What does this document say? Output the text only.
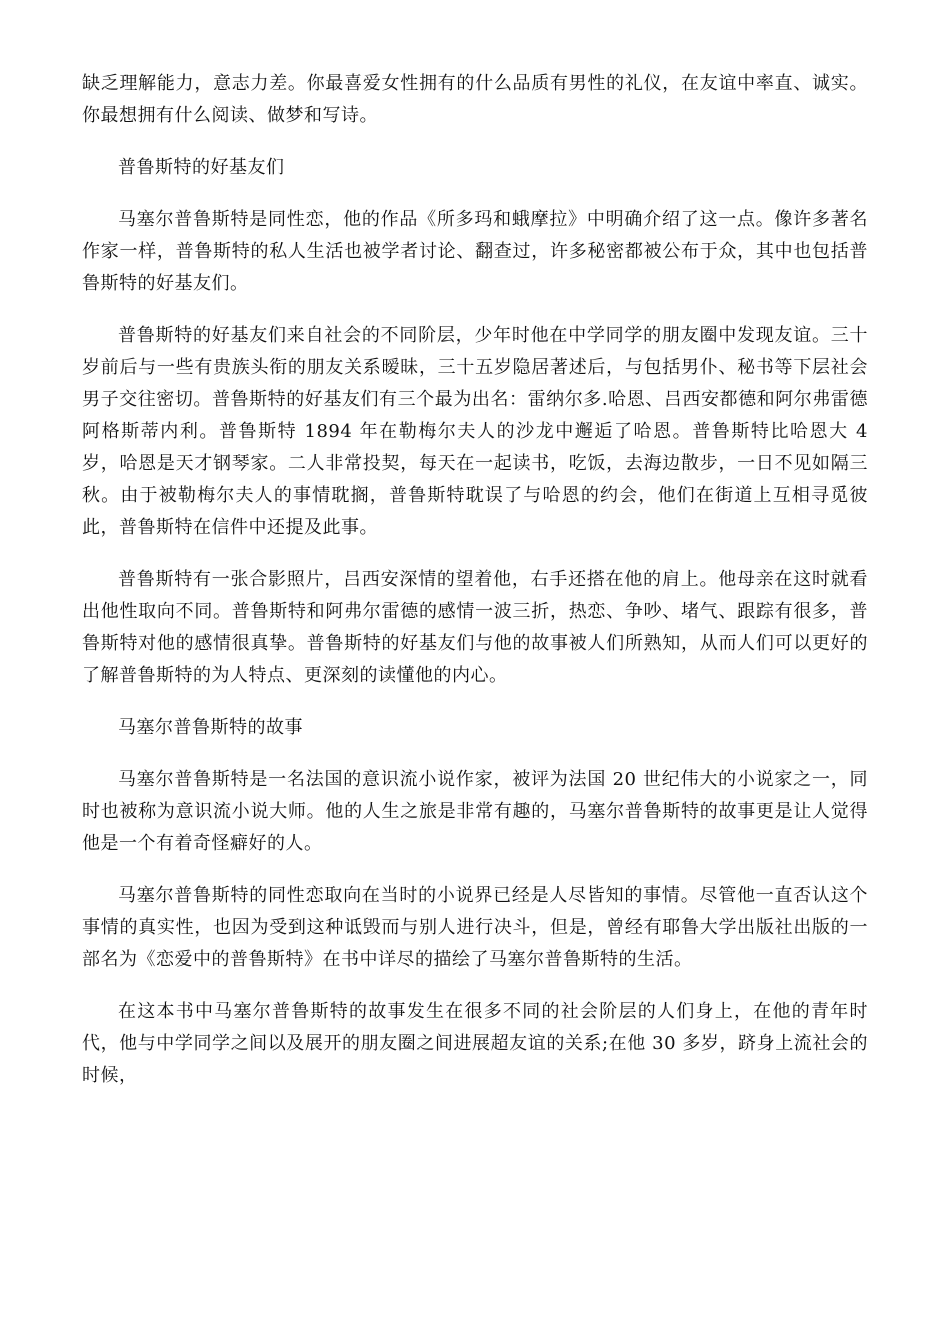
缺乏理解能力，意志力差。你最喜爱女性拥有的什么品质有男性的礼仪，在友谊中率直、诚实。你最想拥有什么阅读、做梦和写诗。

普鲁斯特的好基友们

马塞尔普鲁斯特是同性恋，他的作品《所多玛和蛾摩拉》中明确介绍了这一点。像许多著名作家一样，普鲁斯特的私人生活也被学者讨论、翻查过，许多秘密都被公布于众，其中也包括普鲁斯特的好基友们。

普鲁斯特的好基友们来自社会的不同阶层，少年时他在中学同学的朋友圈中发现友谊。三十岁前后与一些有贵族头衔的朋友关系暧昧，三十五岁隐居著述后，与包括男仆、秘书等下层社会男子交往密切。普鲁斯特的好基友们有三个最为出名：雷纳尔多.哈恩、吕西安都德和阿尔弗雷德阿格斯蒂内利。普鲁斯特 1894 年在勒梅尔夫人的沙龙中邂逅了哈恩。普鲁斯特比哈恩大 4 岁，哈恩是天才钢琴家。二人非常投契，每天在一起读书，吃饭，去海边散步，一日不见如隔三秋。由于被勒梅尔夫人的事情耽搁，普鲁斯特耽误了与哈恩的约会，他们在街道上互相寻觅彼此，普鲁斯特在信件中还提及此事。

普鲁斯特有一张合影照片，吕西安深情的望着他，右手还搭在他的肩上。他母亲在这时就看出他性取向不同。普鲁斯特和阿弗尔雷德的感情一波三折，热恋、争吵、堵气、跟踪有很多，普鲁斯特对他的感情很真挚。普鲁斯特的好基友们与他的故事被人们所熟知，从而人们可以更好的了解普鲁斯特的为人特点、更深刻的读懂他的内心。

马塞尔普鲁斯特的故事

马塞尔普鲁斯特是一名法国的意识流小说作家，被评为法国 20 世纪伟大的小说家之一，同时也被称为意识流小说大师。他的人生之旅是非常有趣的，马塞尔普鲁斯特的故事更是让人觉得他是一个有着奇怪癖好的人。

马塞尔普鲁斯特的同性恋取向在当时的小说界已经是人尽皆知的事情。尽管他一直否认这个事情的真实性，也因为受到这种诋毁而与别人进行决斗，但是，曾经有耶鲁大学出版社出版的一部名为《恋爱中的普鲁斯特》在书中详尽的描绘了马塞尔普鲁斯特的生活。

在这本书中马塞尔普鲁斯特的故事发生在很多不同的社会阶层的人们身上，在他的青年时代，他与中学同学之间以及展开的朋友圈之间进展超友谊的关系;在他 30 多岁，跻身上流社会的时候，
